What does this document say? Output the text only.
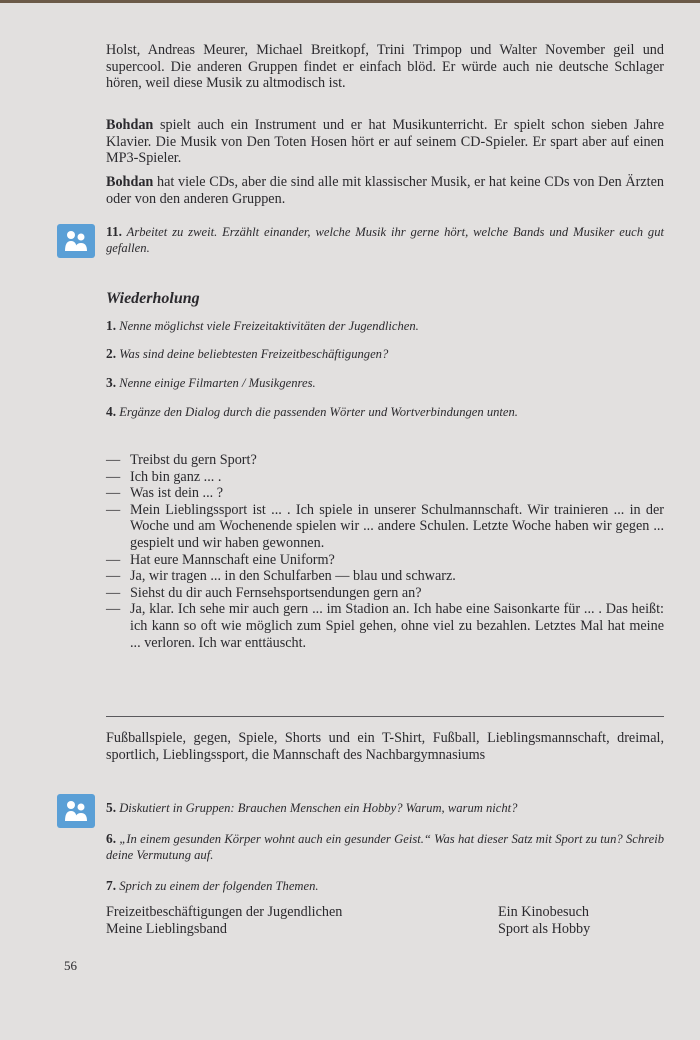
Holst, Andreas Meurer, Michael Breitkopf, Trini Trimpop und Walter November geil und supercool. Die anderen Gruppen findet er einfach blöd. Er würde auch nie deutsche Schlager hören, weil diese Musik zu altmodisch ist.
Bohdan spielt auch ein Instrument und er hat Musikunterricht. Er spielt schon sieben Jahre Klavier. Die Musik von Den Toten Hosen hört er auf seinem CD-Spieler. Er spart aber auf einen MP3-Spieler.
Bohdan hat viele CDs, aber die sind alle mit klassischer Musik, er hat keine CDs von Den Ärzten oder von den anderen Gruppen.
11. Arbeitet zu zweit. Erzählt einander, welche Musik ihr gerne hört, welche Bands und Musiker euch gut gefallen.
Wiederholung
1. Nenne möglichst viele Freizeitaktivitäten der Jugendlichen.
2. Was sind deine beliebtesten Freizeitbeschäftigungen?
3. Nenne einige Filmarten / Musikgenres.
4. Ergänze den Dialog durch die passenden Wörter und Wortverbindungen unten.
— Treibst du gern Sport?
— Ich bin ganz ... .
— Was ist dein ... ?
— Mein Lieblingssport ist ... . Ich spiele in unserer Schulmannschaft. Wir trainieren ... in der Woche und am Wochenende spielen wir ... andere Schulen. Letzte Woche haben wir gegen ... gespielt und wir haben gewonnen.
— Hat eure Mannschaft eine Uniform?
— Ja, wir tragen ... in den Schulfarben — blau und schwarz.
— Siehst du dir auch Fernsehsportsendungen gern an?
— Ja, klar. Ich sehe mir auch gern ... im Stadion an. Ich habe eine Saisonkarte für ... . Das heißt: ich kann so oft wie möglich zum Spiel gehen, ohne viel zu bezahlen. Letztes Mal hat meine ... verloren. Ich war enttäuscht.
Fußballspiele, gegen, Spiele, Shorts und ein T-Shirt, Fußball, Lieblingsmannschaft, dreimal, sportlich, Lieblingssport, die Mannschaft des Nachbargymnasiums
5. Diskutiert in Gruppen: Brauchen Menschen ein Hobby? Warum, warum nicht?
6. „In einem gesunden Körper wohnt auch ein gesunder Geist.“ Was hat dieser Satz mit Sport zu tun? Schreib deine Vermutung auf.
7. Sprich zu einem der folgenden Themen.
Freizeitbeschäftigungen der Jugendlichen
Meine Lieblingsband
Ein Kinobesuch
Sport als Hobby
56
